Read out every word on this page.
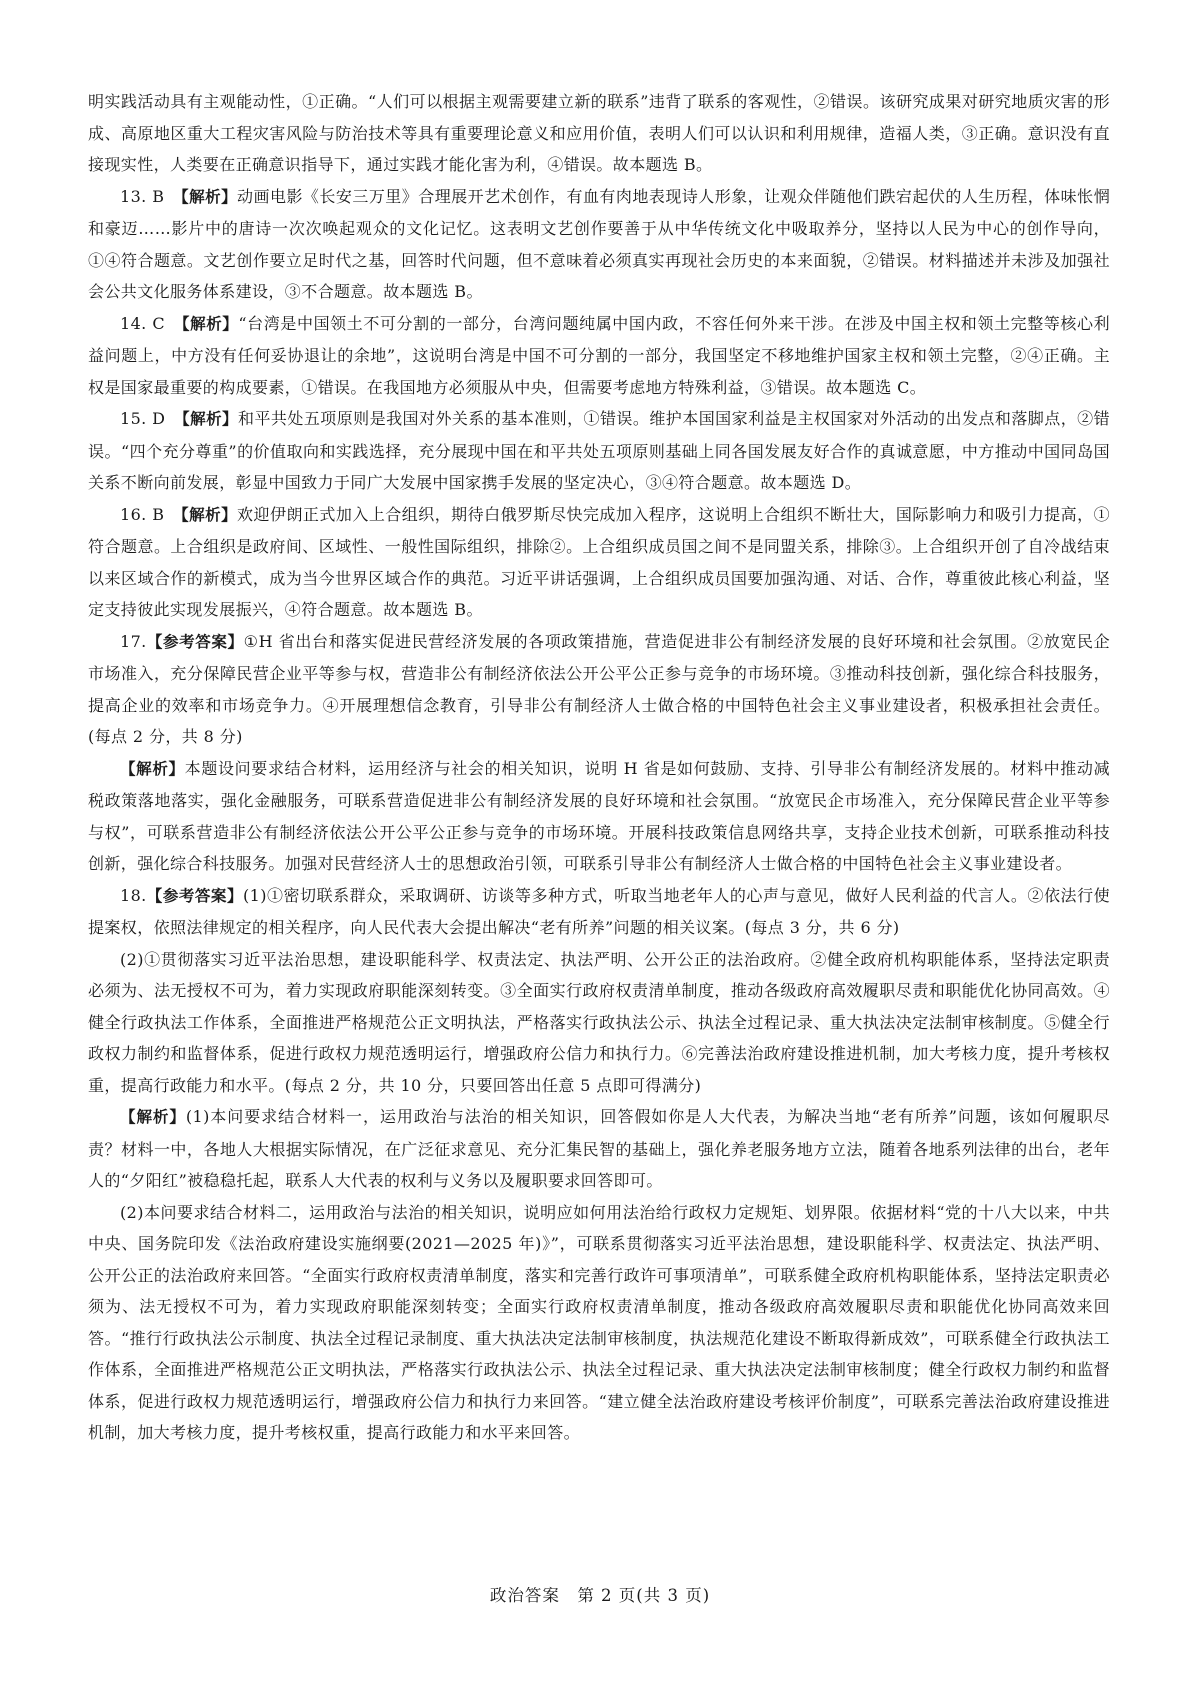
明实践活动具有主观能动性，①正确。“人们可以根据主观需要建立新的联系”违背了联系的客观性，②错误。该研究成果对研究地质灾害的形成、高原地区重大工程灾害风险与防治技术等具有重要理论意义和应用价值，表明人们可以认识和利用规律，造福人类，③正确。意识没有直接现实性，人类要在正确意识指导下，通过实践才能化害为利，④错误。故本题选 B。

13. B　【解析】动画电影《长安三万里》合理展开艺术创作，有血有肉地表现诗人形象，让观众伴随他们跌宕起伏的人生历程，体味怅惘和豪迈……影片中的唐诗一次次唤起观众的文化记忆。这表明文艺创作要善于从中华传统文化中吸取养分，坚持以人民为中心的创作导向，①④符合题意。文艺创作要立足时代之基，回答时代问题，但不意味着必须真实再现社会历史的本来面貌，②错误。材料描述并未涉及加强社会公共文化服务体系建设，③不合题意。故本题选 B。

14. C　【解析】“台湾是中国领土不可分割的一部分，台湾问题纯属中国内政，不容任何外来干涉。在涉及中国主权和领土完整等核心利益问题上，中方没有任何妥协退让的余地”，这说明台湾是中国不可分割的一部分，我国坚定不移地维护国家主权和领土完整，②④正确。主权是国家最重要的构成要素，①错误。在我国地方必须服从中央，但需要考虑地方特殊利益，③错误。故本题选 C。

15. D　【解析】和平共处五项原则是我国对外关系的基本准则，①错误。维护本国国家利益是主权国家对外活动的出发点和落脚点，②错误。“四个充分尊重”的价值取向和实践选择，充分展现中国在和平共处五项原则基础上同各国发展友好合作的真诚意愿，中方推动中国同岛国关系不断向前发展，彰显中国致力于同广大发展中国家携手发展的坚定决心，③④符合题意。故本题选 D。

16. B　【解析】欢迎伊朗正式加入上合组织，期待白俄罗斯尽快完成加入程序，这说明上合组织不断壮大，国际影响力和吸引力提高，①符合题意。上合组织是政府间、区域性、一般性国际组织，排除②。上合组织成员国之间不是同盟关系，排除③。上合组织开创了自冷战结束以来区域合作的新模式，成为当今世界区域合作的典范。习近平讲话强调，上合组织成员国要加强沟通、对话、合作，尊重彼此核心利益，坚定支持彼此实现发展振兴，④符合题意。故本题选 B。

17.【参考答案】①H 省出台和落实促进民营经济发展的各项政策措施，营造促进非公有制经济发展的良好环境和社会氛围。②放宽民企市场准入，充分保障民营企业平等参与权，营造非公有制经济依法公开公平公正参与竞争的市场环境。③推动科技创新，强化综合科技服务，提高企业的效率和市场竞争力。④开展理想信念教育，引导非公有制经济人士做合格的中国特色社会主义事业建设者，积极承担社会责任。(每点 2 分，共 8 分)

【解析】本题设问要求结合材料，运用经济与社会的相关知识，说明 H 省是如何鼓励、支持、引导非公有制经济发展的。材料中推动减税政策落地落实，强化金融服务，可联系营造促进非公有制经济发展的良好环境和社会氛围。“放宽民企市场准入，充分保障民营企业平等参与权”，可联系营造非公有制经济依法公开公平公正参与竞争的市场环境。开展科技政策信息网络共享，支持企业技术创新，可联系推动科技创新，强化综合科技服务。加强对民营经济人士的思想政治引领，可联系引导非公有制经济人士做合格的中国特色社会主义事业建设者。

18.【参考答案】(1)①密切联系群众，采取调研、访谈等多种方式，听取当地老年人的心声与意见，做好人民利益的代言人。②依法行使提案权，依照法律规定的相关程序，向人民代表大会提出解决“老有所养”问题的相关议案。(每点 3 分，共 6 分)

(2)①贯彻落实习近平法治思想，建设职能科学、权责法定、执法严明、公开公正的法治政府。②健全政府机构职能体系，坚持法定职责必须为、法无授权不可为，着力实现政府职能深刻转变。③全面实行政府权责清单制度，推动各级政府高效履职尽责和职能优化协同高效。④健全行政执法工作体系，全面推进严格规范公正文明执法，严格落实行政执法公示、执法全过程记录、重大执法决定法制审核制度。⑤健全行政权力制约和监督体系，促进行政权力规范透明运行，增强政府公信力和执行力。⑥完善法治政府建设推进机制，加大考核力度，提升考核权重，提高行政能力和水平。(每点 2 分，共 10 分，只要回答出任意 5 点即可得满分)

【解析】(1)本问要求结合材料一，运用政治与法治的相关知识，回答假如你是人大代表，为解决当地“老有所养”问题，该如何履职尽责？材料一中，各地人大根据实际情况，在广泛征求意见、充分汇集民智的基础上，强化养老服务地方立法，随着各地系列法律的出台，老年人的“夕阳红”被稳稳托起，联系人大代表的权利与义务以及履职要求回答即可。

(2)本问要求结合材料二，运用政治与法治的相关知识，说明应如何用法治给行政权力定规矩、划界限。依据材料“党的十八大以来，中共中央、国务院印发《法治政府建设实施纲要(2021—2025 年)》”，可联系贯彻落实习近平法治思想，建设职能科学、权责法定、执法严明、公开公正的法治政府来回答。“全面实行政府权责清单制度，落实和完善行政许可事项清单”，可联系健全政府机构职能体系，坚持法定职责必须为、法无授权不可为，着力实现政府职能深刻转变；全面实行政府权责清单制度，推动各级政府高效履职尽责和职能优化协同高效来回答。“推行行政执法公示制度、执法全过程记录制度、重大执法决定法制审核制度，执法规范化建设不断取得新成效”，可联系健全行政执法工作体系，全面推进严格规范公正文明执法，严格落实行政执法公示、执法全过程记录、重大执法决定法制审核制度；健全行政权力制约和监督体系，促进行政权力规范透明运行，增强政府公信力和执行力来回答。“建立健全法治政府建设考核评价制度”，可联系完善法治政府建设推进机制，加大考核力度，提升考核权重，提高行政能力和水平来回答。

政治答案　第 2 页(共 3 页)
